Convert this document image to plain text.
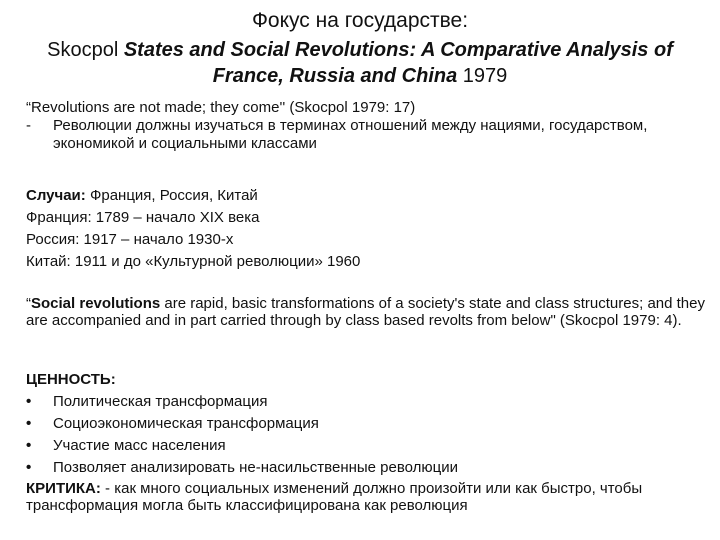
Фокус на государстве:
Skocpol States and Social Revolutions: A Comparative Analysis of France, Russia and China 1979
“Revolutions are not made; they come'' (Skocpol 1979: 17)
-	Революции должны изучаться в терминах отношений между нациями, государством, экономикой и социальными классами

Случаи: Франция, Россия, Китай

Франция: 1789 – начало XIX века

Россия: 1917 – начало 1930-х

Китай: 1911 и до «Культурной революции» 1960

“Social revolutions are rapid, basic transformations of a society's state and class structures; and they are accompanied and in part carried through by class based revolts from below" (Skocpol 1979: 4).

ЦЕННОСТЬ:

•	Политическая трансформация
•	Социоэкономическая трансформация
•	Участие масс населения
•	Позволяет анализировать не-насильственные революции
КРИТИКА: - как много социальных изменений должно произойти или как быстро, чтобы трансформация могла быть классифицирована как революция
